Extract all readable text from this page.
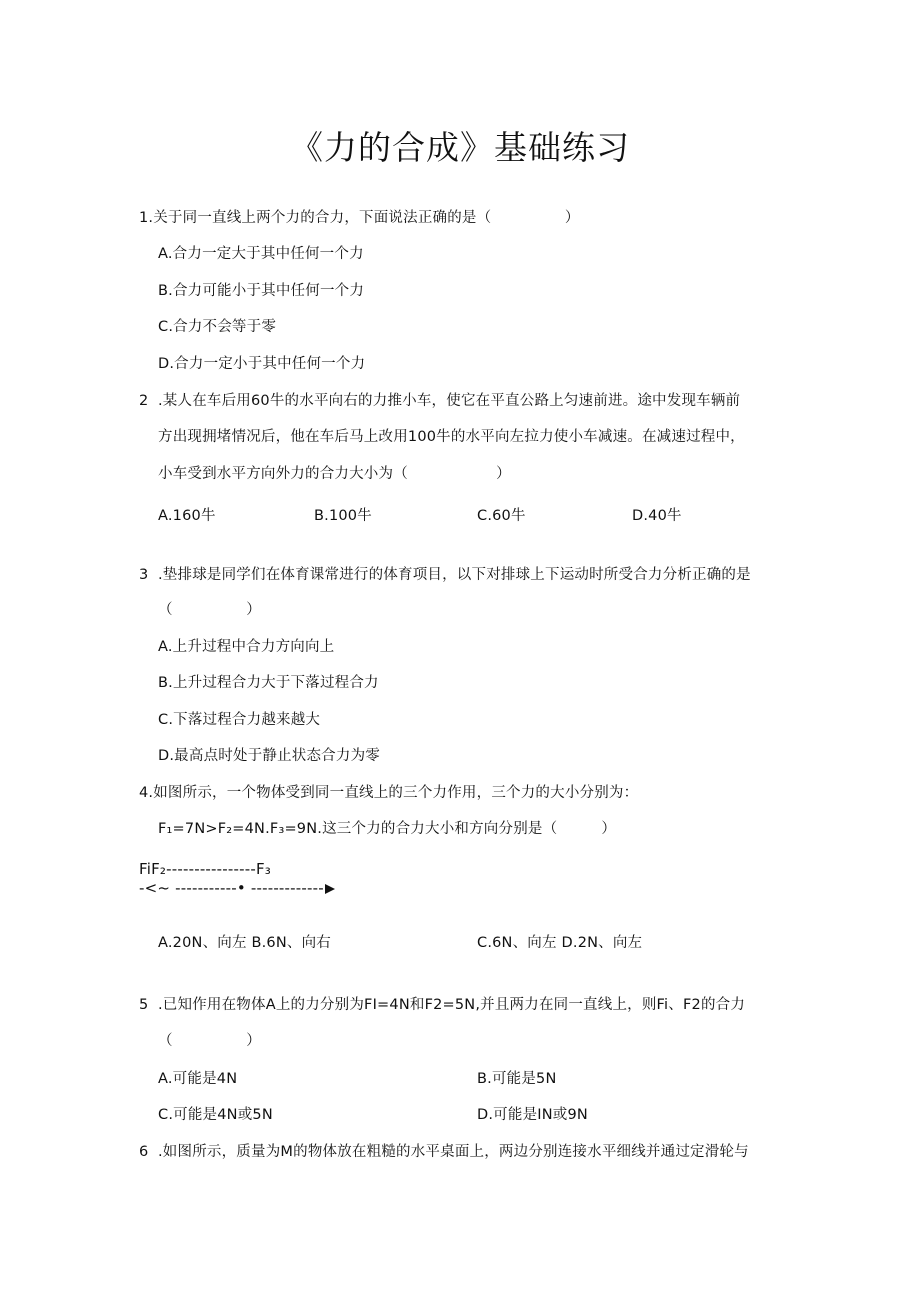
《力的合成》基础练习
1.关于同一直线上两个力的合力，下面说法正确的是（　　　　　）
A.合力一定大于其中任何一个力
B.合力可能小于其中任何一个力
C.合力不会等于零
D.合力一定小于其中任何一个力
2 .某人在车后用60牛的水平向右的力推小车，使它在平直公路上匀速前进。途中发现车辆前
方出现拥堵情况后，他在车后马上改用100牛的水平向左拉力使小车减速。在减速过程中，
小车受到水平方向外力的合力大小为（　　　　　　）
A.160牛	B.100牛	C.60牛	D.40牛
3 .垫排球是同学们在体育课常进行的体育项目，以下对排球上下运动时所受合力分析正确的是
（　　　　　）
A.上升过程中合力方向向上
B.上升过程合力大于下落过程合力
C.下落过程合力越来越大
D.最高点时处于静止状态合力为零
4.如图所示，一个物体受到同一直线上的三个力作用，三个力的大小分别为：
F₁=7N>F₂=4N.F₃=9N.这三个力的合力大小和方向分别是（　　　）
FiF₂----------------F₃
-<~ -----------• -------------
A.20N、向左 B.6N、向右	C.6N、向左 D.2N、向左
5 .已知作用在物体A上的力分别为FI=4N和F2=5N,并且两力在同一直线上，则Fi、F2的合力
（　　　　　）
A.可能是4N	B.可能是5N
C.可能是4N或5N	D.可能是IN或9N
6 .如图所示，质量为M的物体放在粗糙的水平桌面上，两边分别连接水平细线并通过定滑轮与
